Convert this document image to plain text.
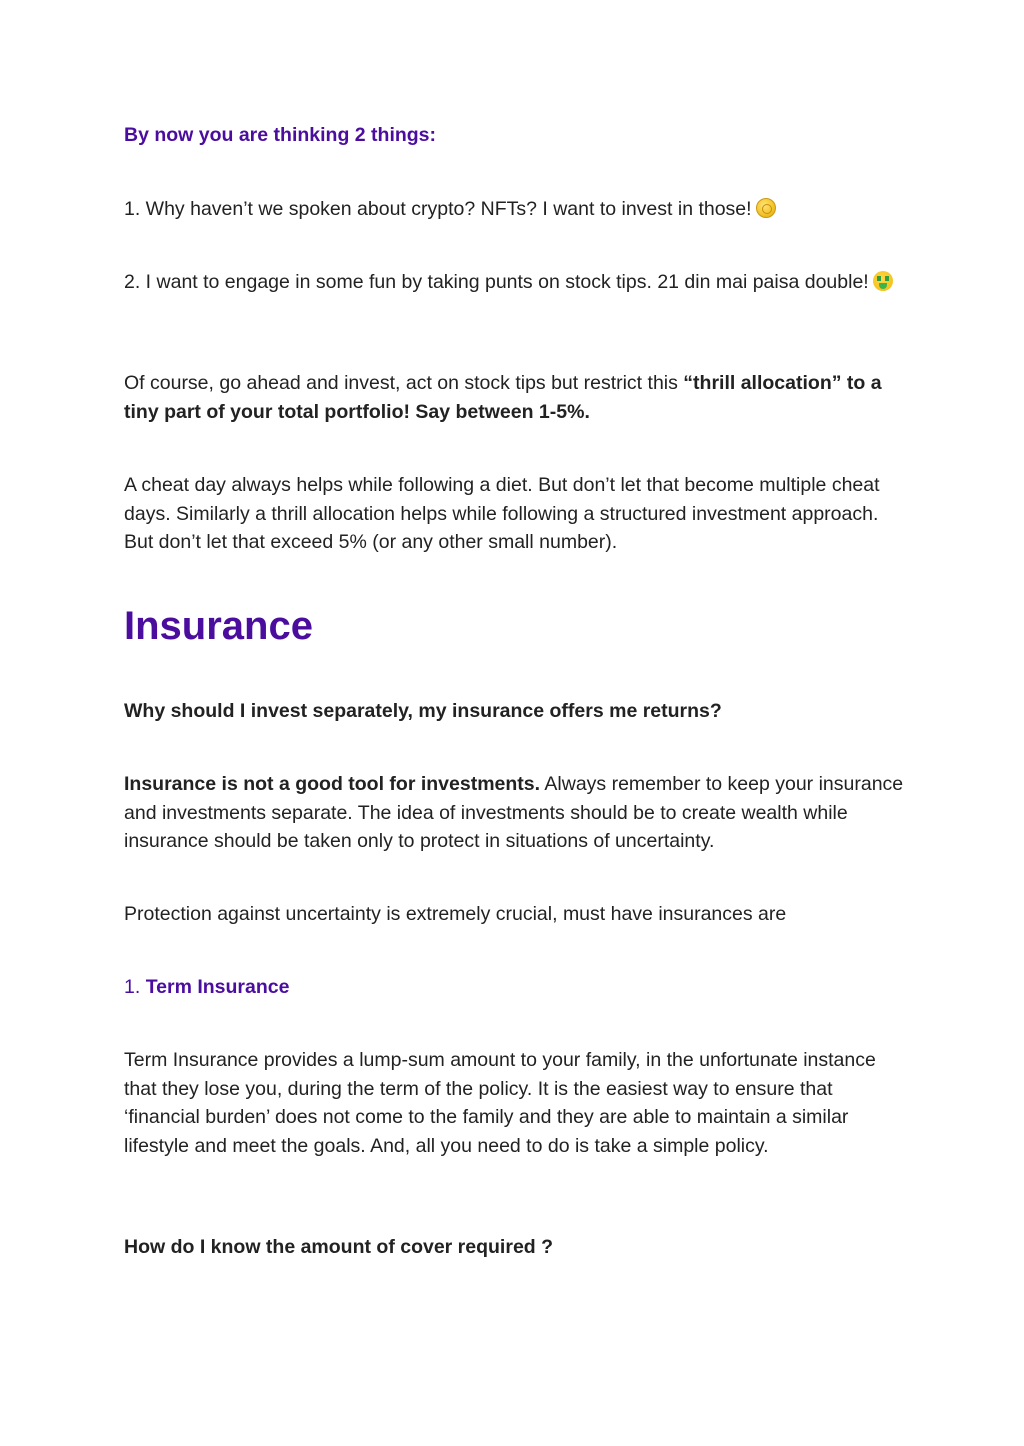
By now you are thinking 2 things:

1. Why haven’t we spoken about crypto? NFTs? I want to invest in those!

2. I want to engage in some fun by taking punts on stock tips. 21 din mai paisa double!

Of course, go ahead and invest, act on stock tips but restrict this “thrill allocation” to a tiny part of your total portfolio! Say between 1-5%.

A cheat day always helps while following a diet. But don’t let that become multiple cheat days. Similarly a thrill allocation helps while following a structured investment approach. But don’t let that exceed 5% (or any other small number).

Insurance

Why should I invest separately, my insurance offers me returns?

Insurance is not a good tool for investments. Always remember to keep your insurance and investments separate. The idea of investments should be to create wealth while insurance should be taken only to protect in situations of uncertainty.

Protection against uncertainty is extremely crucial, must have insurances are

1. Term Insurance

Term Insurance provides a lump-sum amount to your family, in the unfortunate instance that they lose you, during the term of the policy. It is the easiest way to ensure that ‘financial burden’ does not come to the family and they are able to maintain a similar lifestyle and meet the goals. And, all you need to do is take a simple policy.

How do I know the amount of cover required ?
